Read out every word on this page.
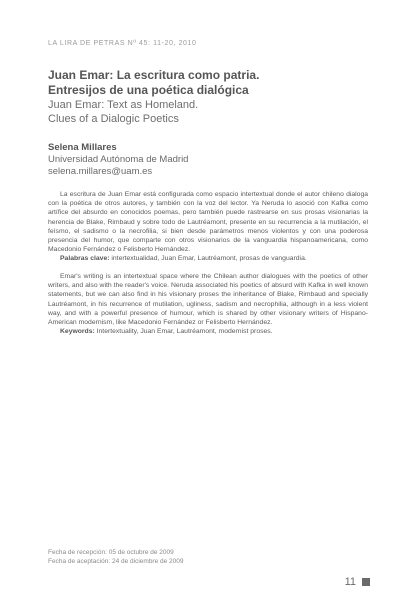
LA LIRA DE PETRAS Nº 45: 11-20, 2010

Juan Emar: La escritura como patria.

Entresijos de una poética dialógica

Juan Emar: Text as Homeland.

Clues of a Dialogic Poetics

Selena Millares
Universidad Autónoma de Madrid
selena.millares@uam.es

La escritura de Juan Emar está configurada como espacio intertextual donde el autor chileno dialoga con la poética de otros autores, y también con la voz del lector. Ya Neruda lo asoció con Kafka como artífice del absurdo en conocidos poemas, pero también puede rastrearse en sus prosas visionarias la herencia de Blake, Rimbaud y sobre todo de Lautréamont, presente en su recurrencia a la mutilación, el feísmo, el sadismo o la necrofilia, si bien desde parámetros menos violentos y con una poderosa presencia del humor, que comparte con otros visionarios de la vanguardia hispanoamericana, como Macedonio Fernández o Felisberto Hernández.

Palabras clave: intertextualidad, Juan Emar, Lautréamont, prosas de vanguardia.

Emar's writing is an intertextual space where the Chilean author dialogues with the poetics of other writers, and also with the reader's voice. Neruda associated his poetics of absurd with Kafka in well known statements, but we can also find in his visionary proses the inheritance of Blake, Rimbaud and specially Lautréamont, in his recurrence of mutilation, ugliness, sadism and necrophilia, although in a less violent way, and with a powerful presence of humour, which is shared by other visionary writers of Hispano-American modernism, like Macedonio Fernández or Felisberto Hernández.

Keywords: Intertextuality, Juan Emar, Lautréamont, modernist proses.

Fecha de recepción: 05 de octubre de 2009
Fecha de aceptación: 24 de diciembre de 2009
11
